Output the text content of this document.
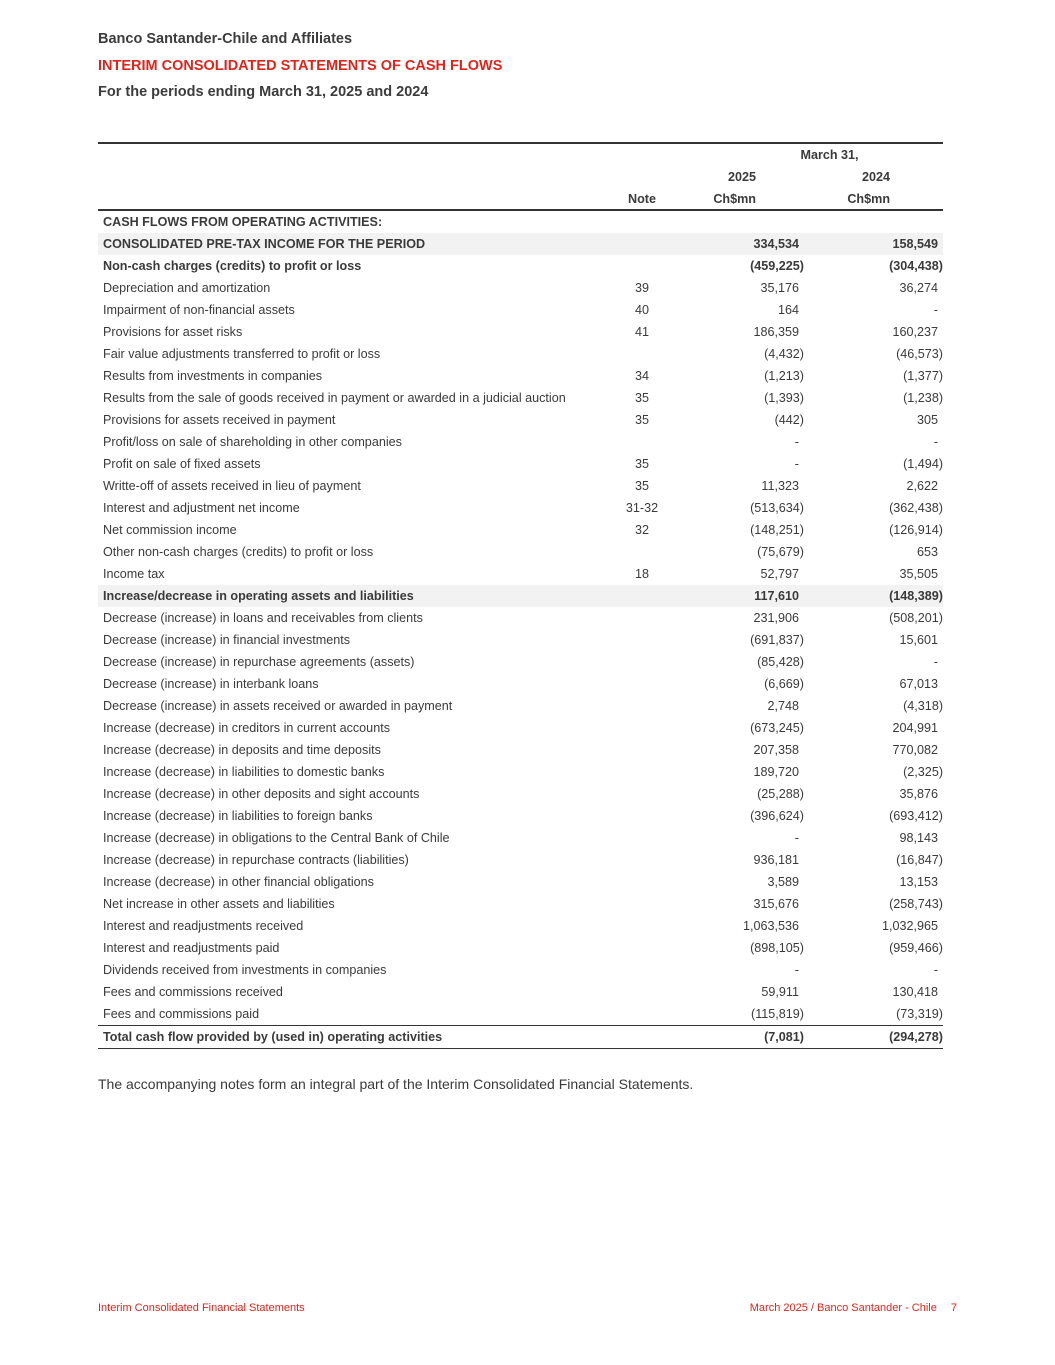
Banco Santander-Chile and Affiliates
INTERIM CONSOLIDATED STATEMENTS OF CASH FLOWS
For the periods ending March 31, 2025 and 2024
		March 31,	
		2025	2024
	Note	Ch$mn	Ch$mn
CASH FLOWS FROM OPERATING ACTIVITIES:			
CONSOLIDATED PRE-TAX INCOME FOR THE PERIOD		334,534	158,549
Non-cash charges (credits) to profit or loss		(459,225)	(304,438)
Depreciation and amortization	39	35,176	36,274
Impairment of non-financial assets	40	164	-
Provisions for asset risks	41	186,359	160,237
Fair value adjustments transferred to profit or loss		(4,432)	(46,573)
Results from investments in companies	34	(1,213)	(1,377)
Results from the sale of goods received in payment or awarded in a judicial auction	35	(1,393)	(1,238)
Provisions for assets received in payment	35	(442)	305
Profit/loss on sale of shareholding in other companies		-	-
Profit on sale of fixed assets	35	-	(1,494)
Writte-off of assets received in lieu of payment	35	11,323	2,622
Interest and adjustment net income	31-32	(513,634)	(362,438)
Net commission income	32	(148,251)	(126,914)
Other non-cash charges (credits) to profit or loss		(75,679)	653
Income tax	18	52,797	35,505
Increase/decrease in operating assets and liabilities		117,610	(148,389)
Decrease (increase) in loans and receivables from clients		231,906	(508,201)
Decrease (increase) in financial investments		(691,837)	15,601
Decrease (increase) in repurchase agreements (assets)		(85,428)	-
Decrease (increase) in interbank loans		(6,669)	67,013
Decrease (increase) in assets received or awarded in payment		2,748	(4,318)
Increase (decrease) in creditors in current accounts		(673,245)	204,991
Increase (decrease) in deposits and time deposits		207,358	770,082
Increase (decrease) in liabilities to domestic banks		189,720	(2,325)
Increase (decrease) in other deposits and sight accounts		(25,288)	35,876
Increase (decrease) in liabilities to foreign banks		(396,624)	(693,412)
Increase (decrease) in obligations to the Central Bank of Chile		-	98,143
Increase (decrease) in repurchase contracts (liabilities)		936,181	(16,847)
Increase (decrease) in other financial obligations		3,589	13,153
Net increase in other assets and liabilities		315,676	(258,743)
Interest and readjustments received		1,063,536	1,032,965
Interest and readjustments paid		(898,105)	(959,466)
Dividends received from investments in companies		-	-
Fees and commissions received		59,911	130,418
Fees and commissions paid		(115,819)	(73,319)
Total cash flow provided by (used in) operating activities		(7,081)	(294,278)
The accompanying notes form an integral part of the Interim Consolidated Financial Statements.
Interim Consolidated Financial Statements	March 2025 / Banco Santander - Chile 7
